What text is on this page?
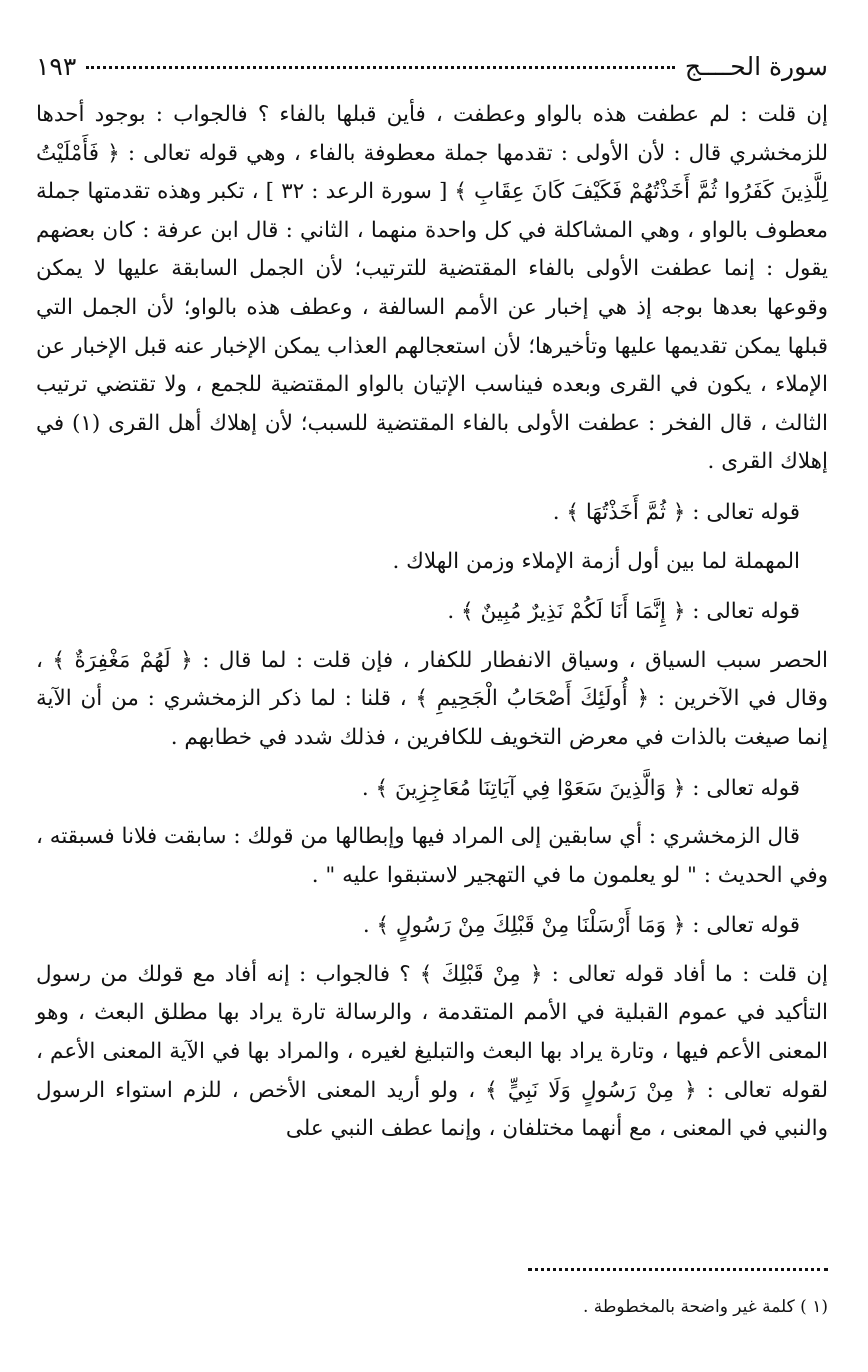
سورة الحــــج
١٩٣

إن قلت : لم عطفت هذه بالواو وعطفت ، فأين قبلها بالفاء ؟ فالجواب : بوجود أحدها للزمخشري قال : لأن الأولى : تقدمها جملة معطوفة بالفاء ، وهي قوله تعالى : ﴿ فَأَمْلَيْتُ لِلَّذِينَ كَفَرُوا ثُمَّ أَخَذْتُهُمْ فَكَيْفَ كَانَ عِقَابِ ﴾ [ سورة الرعد : ٣٢ ] ، تكبر وهذه تقدمتها جملة معطوف بالواو ، وهي المشاكلة في كل واحدة منهما ، الثاني : قال ابن عرفة : كان بعضهم يقول : إنما عطفت الأولى بالفاء المقتضية للترتيب؛ لأن الجمل السابقة عليها لا يمكن وقوعها بعدها بوجه إذ هي إخبار عن الأمم السالفة ، وعطف هذه بالواو؛ لأن الجمل التي قبلها يمكن تقديمها عليها وتأخيرها؛ لأن استعجالهم العذاب يمكن الإخبار عنه قبل الإخبار عن الإملاء ، يكون في القرى وبعده فيناسب الإتيان بالواو المقتضية للجمع ، ولا تقتضي ترتيب الثالث ، قال الفخر : عطفت الأولى بالفاء المقتضية للسبب؛ لأن إهلاك أهل القرى (١) في إهلاك القرى .

قوله تعالى : ﴿ ثُمَّ أَخَذْتُهَا ﴾ .

المهملة لما بين أول أزمة الإملاء وزمن الهلاك .

قوله تعالى : ﴿ إِنَّمَا أَنَا لَكُمْ نَذِيرٌ مُبِينٌ ﴾ .

الحصر سبب السياق ، وسياق الانفطار للكفار ، فإن قلت : لما قال : ﴿ لَهُمْ مَغْفِرَةٌ ﴾ ، وقال في الآخرين : ﴿ أُولَئِكَ أَصْحَابُ الْجَحِيمِ ﴾ ، قلنا : لما ذكر الزمخشري : من أن الآية إنما صيغت بالذات في معرض التخويف للكافرين ، فذلك شدد في خطابهم .

قوله تعالى : ﴿ وَالَّذِينَ سَعَوْا فِي آيَاتِنَا مُعَاجِزِينَ ﴾ .

قال الزمخشري : أي سابقين إلى المراد فيها وإبطالها من قولك : سابقت فلانا فسبقته ، وفي الحديث : " لو يعلمون ما في التهجير لاستبقوا عليه " .

قوله تعالى : ﴿ وَمَا أَرْسَلْنَا مِنْ قَبْلِكَ مِنْ رَسُولٍ ﴾ .

إن قلت : ما أفاد قوله تعالى : ﴿ مِنْ قَبْلِكَ ﴾ ؟ فالجواب : إنه أفاد مع قولك من رسول التأكيد في عموم القبلية في الأمم المتقدمة ، والرسالة تارة يراد بها مطلق البعث ، وهو المعنى الأعم فيها ، وتارة يراد بها البعث والتبليغ لغيره ، والمراد بها في الآية المعنى الأعم ، لقوله تعالى : ﴿ مِنْ رَسُولٍ وَلَا نَبِيٍّ ﴾ ، ولو أريد المعنى الأخص ، للزم استواء الرسول والنبي في المعنى ، مع أنهما مختلفان ، وإنما عطف النبي على

(١ ) كلمة غير واضحة بالمخطوطة .
